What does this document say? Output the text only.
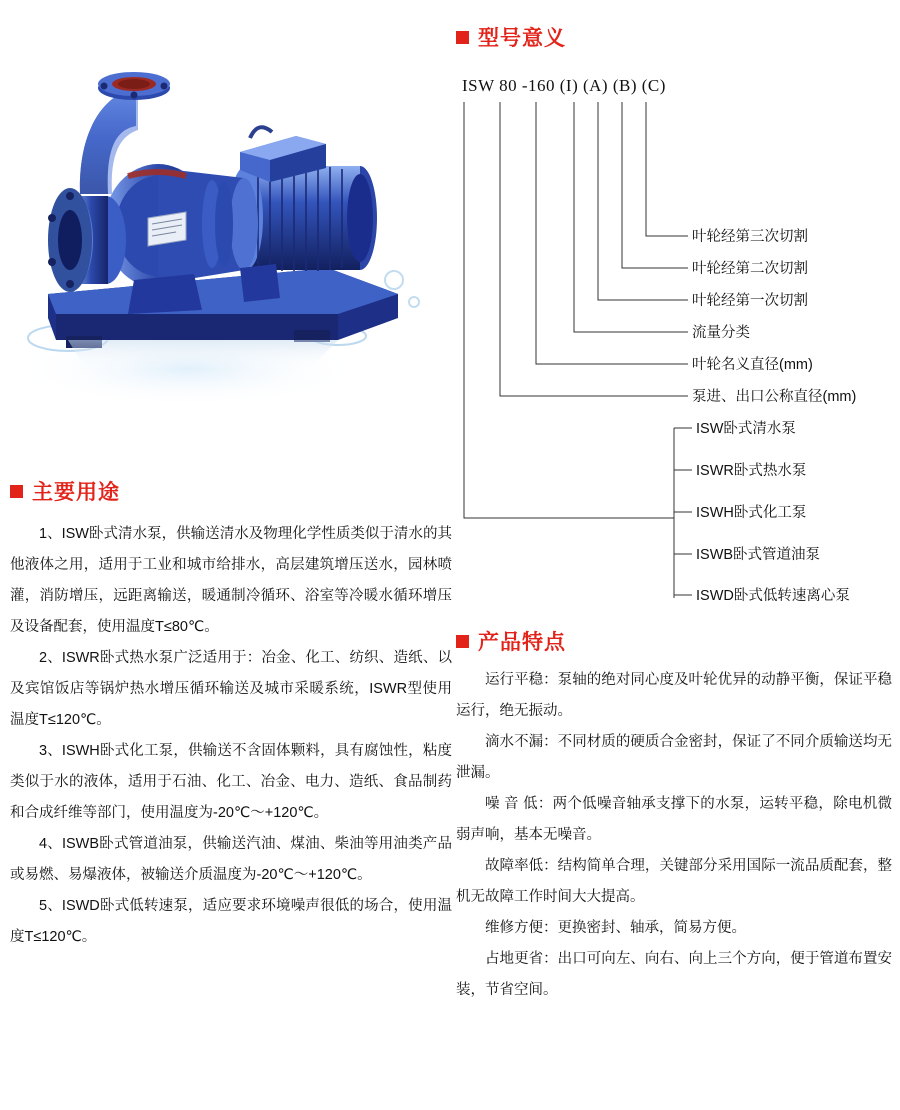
型号意义
ISW 80 -160 (I) (A) (B) (C)
叶轮经第三次切割
叶轮经第二次切割
叶轮经第一次切割
流量分类
叶轮名义直径(mm)
泵进、出口公称直径(mm)
ISW卧式清水泵
ISWR卧式热水泵
ISWH卧式化工泵
ISWB卧式管道油泵
ISWD卧式低转速离心泵
主要用途

1、ISW卧式清水泵，供输送清水及物理化学性质类似于清水的其他液体之用，适用于工业和城市给排水，高层建筑增压送水，园林喷灌，消防增压，远距离输送，暖通制冷循环、浴室等冷暖水循环增压及设备配套，使用温度T≤80℃。

2、ISWR卧式热水泵广泛适用于：冶金、化工、纺织、造纸、以及宾馆饭店等锅炉热水增压循环输送及城市采暖系统，ISWR型使用温度T≤120℃。

3、ISWH卧式化工泵，供输送不含固体颗料，具有腐蚀性，粘度类似于水的液体，适用于石油、化工、冶金、电力、造纸、食品制药和合成纤维等部门，使用温度为-20℃～+120℃。

4、ISWB卧式管道油泵，供输送汽油、煤油、柴油等用油类产品或易燃、易爆液体，被输送介质温度为-20℃～+120℃。

5、ISWD卧式低转速泵，适应要求环境噪声很低的场合，使用温度T≤120℃。

产品特点

运行平稳：泵轴的绝对同心度及叶轮优异的动静平衡，保证平稳运行，绝无振动。

滴水不漏：不同材质的硬质合金密封，保证了不同介质输送均无泄漏。

噪 音 低：两个低噪音轴承支撑下的水泵，运转平稳，除电机微弱声响，基本无噪音。

故障率低：结构简单合理，关键部分采用国际一流品质配套，整机无故障工作时间大大提高。

维修方便：更换密封、轴承，简易方便。

占地更省：出口可向左、向右、向上三个方向，便于管道布置安装，节省空间。
